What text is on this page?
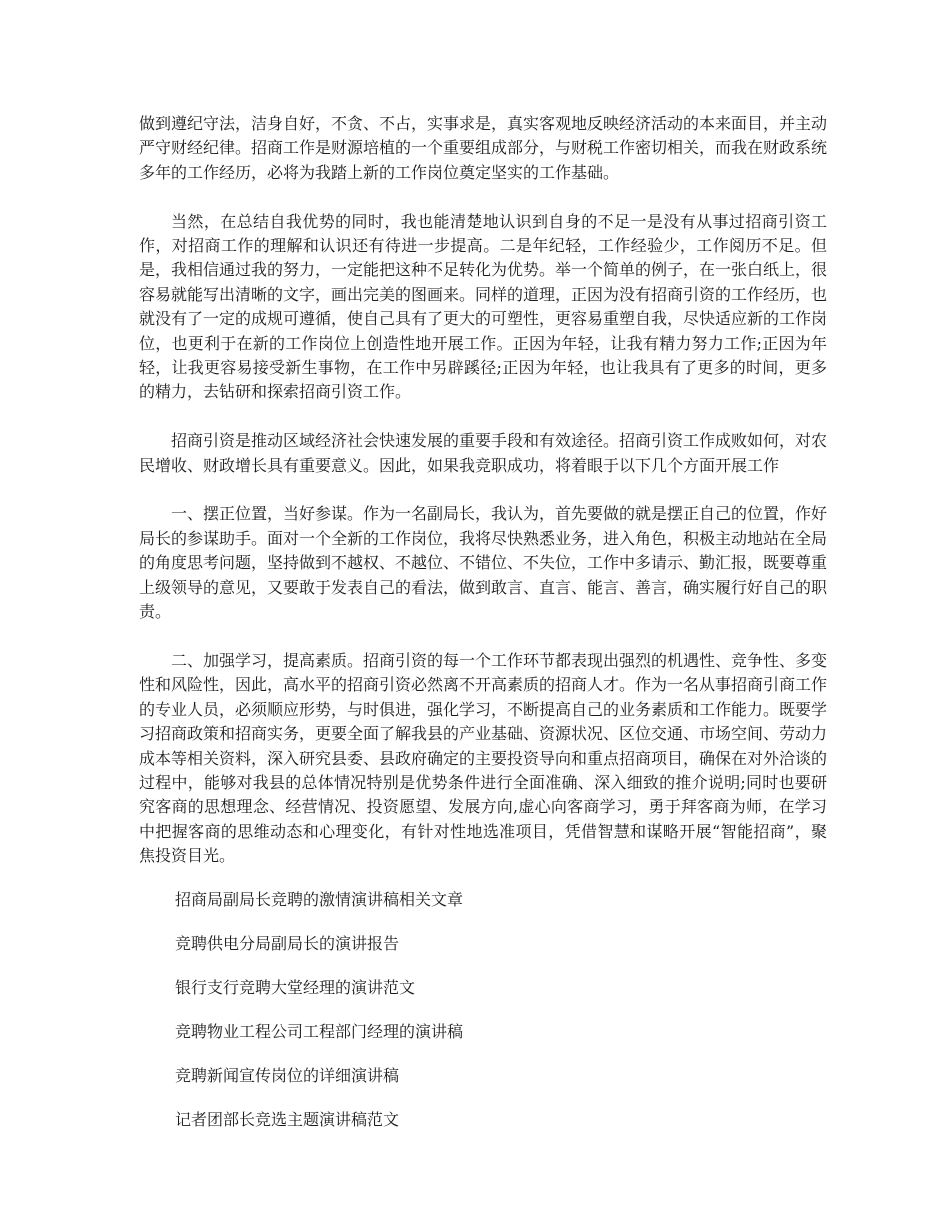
做到遵纪守法，洁身自好，不贪、不占，实事求是，真实客观地反映经济活动的本来面目，并主动严守财经纪律。招商工作是财源培植的一个重要组成部分，与财税工作密切相关，而我在财政系统多年的工作经历，必将为我踏上新的工作岗位奠定坚实的工作基础。

当然，在总结自我优势的同时，我也能清楚地认识到自身的不足一是没有从事过招商引资工作，对招商工作的理解和认识还有待进一步提高。二是年纪轻，工作经验少，工作阅历不足。但是，我相信通过我的努力，一定能把这种不足转化为优势。举一个简单的例子，在一张白纸上，很容易就能写出清晰的文字，画出完美的图画来。同样的道理，正因为没有招商引资的工作经历，也就没有了一定的成规可遵循，使自己具有了更大的可塑性，更容易重塑自我，尽快适应新的工作岗位，也更利于在新的工作岗位上创造性地开展工作。正因为年轻，让我有精力努力工作;正因为年轻，让我更容易接受新生事物，在工作中另辟蹊径;正因为年轻，也让我具有了更多的时间，更多的精力，去钻研和探索招商引资工作。

招商引资是推动区域经济社会快速发展的重要手段和有效途径。招商引资工作成败如何，对农民增收、财政增长具有重要意义。因此，如果我竞职成功，将着眼于以下几个方面开展工作

一、摆正位置，当好参谋。作为一名副局长，我认为，首先要做的就是摆正自己的位置，作好局长的参谋助手。面对一个全新的工作岗位，我将尽快熟悉业务，进入角色，积极主动地站在全局的角度思考问题，坚持做到不越权、不越位、不错位、不失位，工作中多请示、勤汇报，既要尊重上级领导的意见，又要敢于发表自己的看法，做到敢言、直言、能言、善言，确实履行好自己的职责。

二、加强学习，提高素质。招商引资的每一个工作环节都表现出强烈的机遇性、竞争性、多变性和风险性，因此，高水平的招商引资必然离不开高素质的招商人才。作为一名从事招商引商工作的专业人员，必须顺应形势，与时俱进，强化学习，不断提高自己的业务素质和工作能力。既要学习招商政策和招商实务，更要全面了解我县的产业基础、资源状况、区位交通、市场空间、劳动力成本等相关资料，深入研究县委、县政府确定的主要投资导向和重点招商项目，确保在对外洽谈的过程中，能够对我县的总体情况特别是优势条件进行全面准确、深入细致的推介说明;同时也要研究客商的思想理念、经营情况、投资愿望、发展方向,虚心向客商学习，勇于拜客商为师，在学习中把握客商的思维动态和心理变化，有针对性地选准项目，凭借智慧和谋略开展“智能招商”，聚焦投资目光。

招商局副局长竞聘的激情演讲稿相关文章
竞聘供电分局副局长的演讲报告
银行支行竞聘大堂经理的演讲范文
竞聘物业工程公司工程部门经理的演讲稿
竞聘新闻宣传岗位的详细演讲稿
记者团部长竞选主题演讲稿范文
